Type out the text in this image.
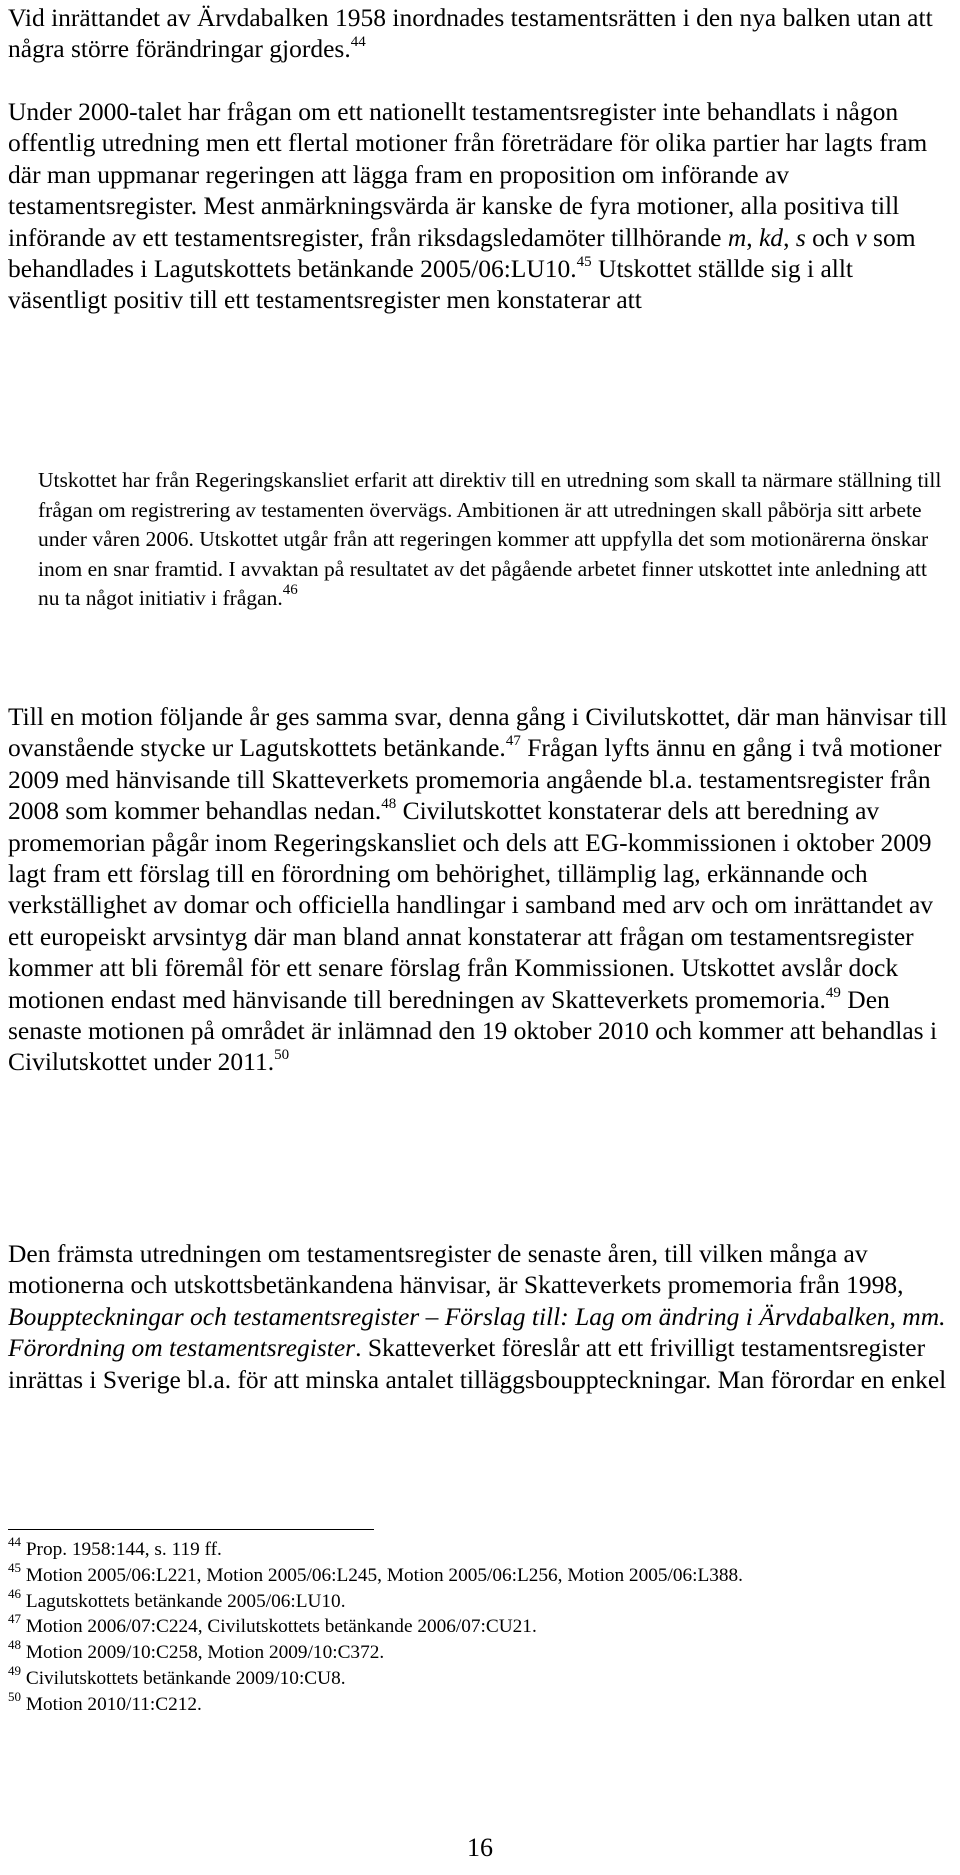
Vid inrättandet av Ärvdabalken 1958 inordnades testamentsrätten i den nya balken utan att några större förändringar gjordes.$^{44}$

Under 2000-talet har frågan om ett nationellt testamentsregister inte behandlats i någon offentlig utredning men ett flertal motioner från företrädare för olika partier har lagts fram där man uppmanar regeringen att lägga fram en proposition om införande av testamentsregister. Mest anmärkningsvärda är kanske de fyra motioner, alla positiva till införande av ett testamentsregister, från riksdagsledamöter tillhörande m, kd, s och v som behandlades i Lagutskottets betänkande 2005/06:LU10.45 Utskottet ställde sig i allt väsentligt positiv till ett testamentsregister men konstaterar att

Utskottet har från Regeringskansliet erfarit att direktiv till en utredning som skall ta närmare ställning till frågan om registrering av testamenten övervägs. Ambitionen är att utredningen skall påbörja sitt arbete under våren 2006. Utskottet utgår från att regeringen kommer att uppfylla det som motionärerna önskar inom en snar framtid. I avvaktan på resultatet av det pågående arbetet finner utskottet inte anledning att nu ta något initiativ i frågan.$^{46}$

Till en motion följande år ges samma svar, denna gång i Civilutskottet, där man hänvisar till ovanstående stycke ur Lagutskottets betänkande.$^{47}$ Frågan lyfts ännu en gång i två motioner 2009 med hänvisande till Skatteverkets promemoria angående bl.a. testamentsregister från 2008 som kommer behandlas nedan.$^{48}$ Civilutskottet konstaterar dels att beredning av promemorian pågår inom Regeringskansliet och dels att EG-kommissionen i oktober 2009 lagt fram ett förslag till en förordning om behörighet, tillämplig lag, erkännande och verkställighet av domar och officiella handlingar i samband med arv och om inrättandet av ett europeiskt arvsintyg där man bland annat konstaterar att frågan om testamentsregister kommer att bli föremål för ett senare förslag från Kommissionen. Utskottet avslår dock motionen endast med hänvisande till beredningen av Skatteverkets promemoria.$^{49}$ Den senaste motionen på området är inlämnad den 19 oktober 2010 och kommer att behandlas i Civilutskottet under 2011.50

Den främsta utredningen om testamentsregister de senaste åren, till vilken många av motionerna och utskottsbetänkandena hänvisar, är Skatteverkets promemoria från 1998, Bouppteckningar och testamentsregister – Förslag till: Lag om ändring i Ärvdabalken, mm. Förordning om testamentsregister. Skatteverket föreslår att ett frivilligt testamentsregister inrättas i Sverige bl.a. för att minska antalet tilläggsbouppteckningar. Man förordar en enkel

$^{44}$ Prop. 1958:144, s. 119 ff.

$^{45}$ Motion 2005/06:L221, Motion 2005/06:L245, Motion 2005/06:L256, Motion 2005/06:L388.

$^{46}$ Lagutskottets betänkande 2005/06:LU10.

$^{47}$ Motion 2006/07:C224, Civilutskottets betänkande 2006/07:CU21.

$^{48}$ Motion 2009/10:C258, Motion 2009/10:C372.

$^{49}$ Civilutskottets betänkande 2009/10:CU8.

$^{50}$ Motion 2010/11:C212.

16
